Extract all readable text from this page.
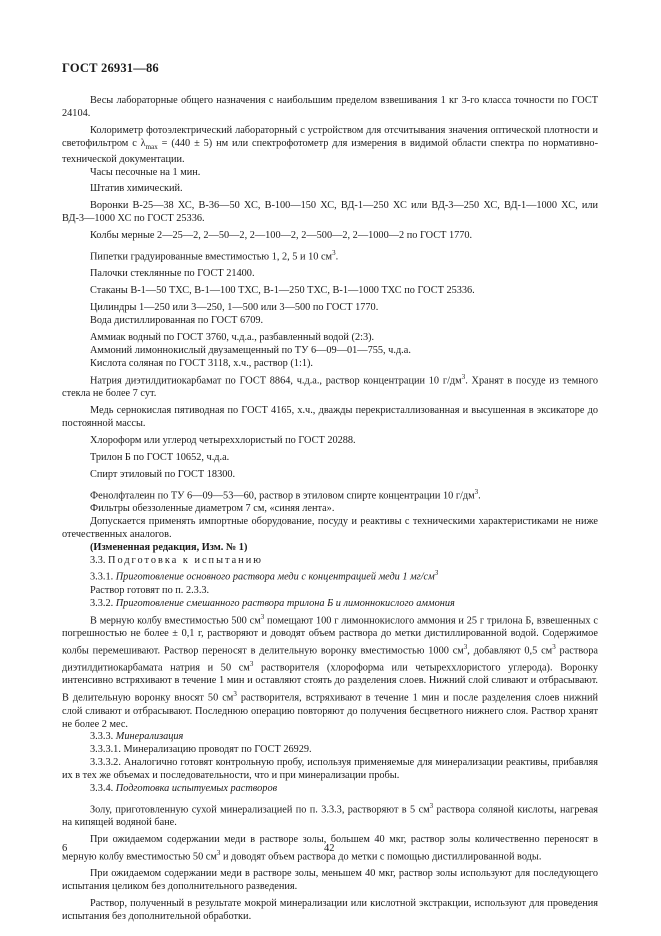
ГОСТ 26931—86

Весы лабораторные общего назначения с наибольшим пределом взвешивания 1 кг 3-го класса точности по ГОСТ 24104.

Колориметр фотоэлектрический лабораторный с устройством для отсчитывания значения оптической плотности и светофильтром с $\lambda_{max} = (440 \pm 5)$ нм или спектрофотометр для измерения в видимой области спектра по нормативно-технической документации.

Часы песочные на 1 мин.

Штатив химический.

Воронки В-25—38 ХС, В-36—50 ХС, В-100—150 ХС, ВД-1—250 ХС или ВД-3—250 ХС, ВД-1—1000 ХС, или ВД-3—1000 ХС по ГОСТ 25336.

Колбы мерные 2—25—2, 2—50—2, 2—100—2, 2—500—2, 2—1000—2 по ГОСТ 1770.

Пипетки градуированные вместимостью 1, 2, 5 и 10 $см^3$.

Палочки стеклянные по ГОСТ 21400.

Стаканы В-1—50 ТХС, В-1—100 ТХС, В-1—250 ТХС, В-1—1000 ТХС по ГОСТ 25336.

Цилиндры 1—250 или 3—250, 1—500 или 3—500 по ГОСТ 1770.

Вода дистиллированная по ГОСТ 6709.

Аммиак водный по ГОСТ 3760, ч.д.а., разбавленный водой (2:3).

Аммоний лимоннокислый двузамещенный по ТУ 6—09—01—755, ч.д.а.

Кислота соляная по ГОСТ 3118, х.ч., раствор (1:1).

Натрия диэтилдитиокарбамат по ГОСТ 8864, ч.д.а., раствор концентрации 10 $г/дм^3$. Хранят в посуде из темного стекла не более 7 сут.

Медь сернокислая пятиводная по ГОСТ 4165, х.ч., дважды перекристаллизованная и высушенная в эксикаторе до постоянной массы.

Хлороформ или углерод четыреххлористый по ГОСТ 20288.

Трилон Б по ГОСТ 10652, ч.д.а.

Спирт этиловый по ГОСТ 18300.

Фенолфталеин по ТУ 6—09—53—60, раствор в этиловом спирте концентрации 10 $г/дм^3$.

Фильтры обеззоленные диаметром 7 см, «синяя лента».

Допускается применять импортные оборудование, посуду и реактивы с техническими характеристиками не ниже отечественных аналогов.

(Измененная редакция, Изм. № 1)

3.3. Подготовка к испытанию

3.3.1. Приготовление основного раствора меди с концентрацией меди 1 $мг/см^3$

Раствор готовят по п. 2.3.3.

3.3.2. Приготовление смешанного раствора трилона Б и лимоннокислого аммония

В мерную колбу вместимостью 500 $см^3$ помещают 100 г лимоннокислого аммония и 25 г трилона Б, взвешенных с погрешностью не более ± 0,1 г, растворяют и доводят объем раствора до метки дистиллированной водой. Содержимое колбы перемешивают. Раствор переносят в делительную воронку вместимостью 1000 $см^3$, добавляют 0,5 $см^3$ раствора диэтилдитиокарбамата натрия и 50 $см^3$ растворителя (хлороформа или четыреххлористого углерода). Воронку интенсивно встряхивают в течение 1 мин и оставляют стоять до разделения слоев. Нижний слой сливают и отбрасывают. В делительную воронку вносят 50 $см^3$ растворителя, встряхивают в течение 1 мин и после разделения слоев нижний слой сливают и отбрасывают. Последнюю операцию повторяют до получения бесцветного нижнего слоя. Раствор хранят не более 2 мес.

3.3.3. Минерализация

3.3.3.1. Минерализацию проводят по ГОСТ 26929.

3.3.3.2. Аналогично готовят контрольную пробу, используя применяемые для минерализации реактивы, прибавляя их в тех же объемах и последовательности, что и при минерализации пробы.

3.3.4. Подготовка испытуемых растворов

Золу, приготовленную сухой минерализацией по п. 3.3.3, растворяют в 5 $см^3$ раствора соляной кислоты, нагревая на кипящей водяной бане.

При ожидаемом содержании меди в растворе золы, большем 40 мкг, раствор золы количественно переносят в мерную колбу вместимостью 50 $см^3$ и доводят объем раствора до метки с помощью дистиллированной воды.

При ожидаемом содержании меди в растворе золы, меньшем 40 мкг, раствор золы используют для последующего испытания целиком без дополнительного разведения.

Раствор, полученный в результате мокрой минерализации или кислотной экстракции, используют для проведения испытания без дополнительной обработки.

6	42
